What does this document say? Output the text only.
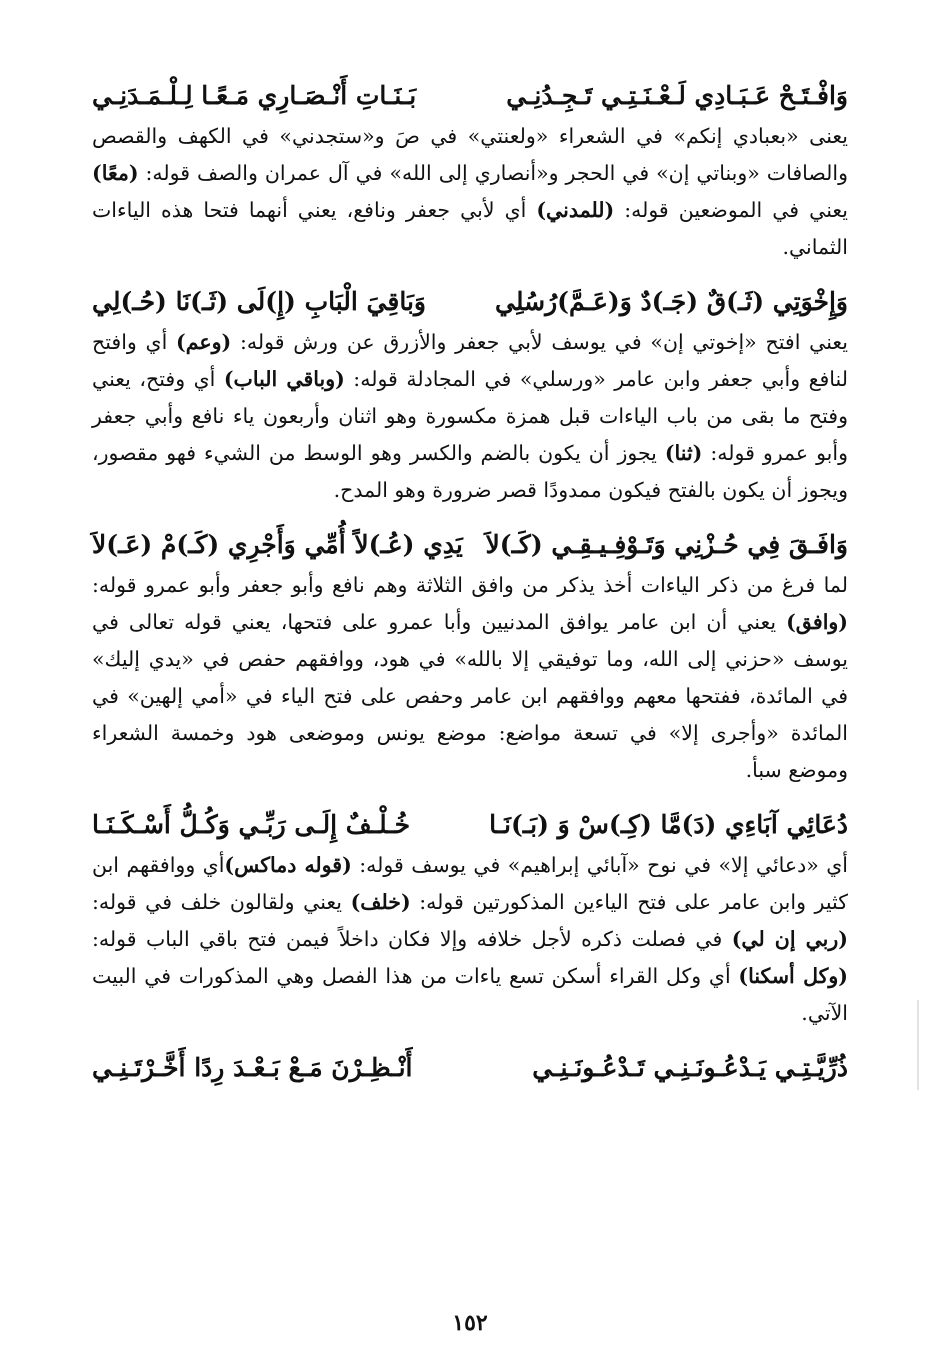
وَافْـتَـحْ عَـبَـادِي لَـعْـنَـتِـي تَـجِـدُنِـي
بَـنَـاتِ أَنْـصَـارِي مَـعًـا لِـلْـمَـدَنِـي

يعنى «بعبادي إنكم» في الشعراء «ولعنتي» في صَ و«ستجدني» في الكهف والقصص والصافات «وبناتي إن» في الحجر و«أنصاري إلى الله» في آل عمران والصف قوله: (معًا) يعني في الموضعين قوله: (للمدني) أي لأبي جعفر ونافع، يعني أنهما فتحا هذه الياءات الثماني.

وَإِخْوَتِي (ثَـ)قٌ (جَـ)دٌ وَ(عَـمَّ)رُسُلِي
وَبَاقِيَ الْبَابِ (إِ)لَى (ثَـ)نَا (حُـ)لِي

يعني افتح «إخوتي إن» في يوسف لأبي جعفر والأزرق عن ورش قوله: (وعم) أي وافتح لنافع وأبي جعفر وابن عامر «ورسلي» في المجادلة قوله: (وباقي الباب) أي وفتح، يعني وفتح ما بقى من باب الياءات قبل همزة مكسورة وهو اثنان وأربعون ياء نافع وأبي جعفر وأبو عمرو قوله: (ثنا) يجوز أن يكون بالضم والكسر وهو الوسط من الشيء فهو مقصور، ويجوز أن يكون بالفتح فيكون ممدودًا قصر ضرورة وهو المدح.

وَافَـقَ فِي حُـزْنِي وَتَـوْفِـيـقِـي (كَـ)لاَ
يَدِي (عُـ)لاً أُمِّي وَأَجْرِي (كَـ)مْ (عَـ)لاَ

لما فرغ من ذكر الياءات أخذ يذكر من وافق الثلاثة وهم نافع وأبو جعفر وأبو عمرو قوله: (وافق) يعني أن ابن عامر يوافق المدنيين وأبا عمرو على فتحها، يعني قوله تعالى في يوسف «حزني إلى الله، وما توفيقي إلا بالله» في هود، ووافقهم حفص في «يدي إليك» في المائدة، ففتحها معهم ووافقهم ابن عامر وحفص على فتح الياء في «أمي إلهين» في المائدة «وأجرى إلا» في تسعة مواضع: موضع يونس وموضعى هود وخمسة الشعراء وموضع سبأ.

دُعَائِي آبَاءِي (دَ)مَّا (كِـ)سْ وَ (بَـ)نَـا
خُـلْـفٌ إِلَـى رَبِّـي وَكُـلُّ أَسْـكَـنَـا

أي «دعائي إلا» في نوح «آبائي إبراهيم» في يوسف قوله: (قوله دماكس)أي ووافقهم ابن كثير وابن عامر على فتح الياءين المذكورتين قوله: (خلف) يعني ولقالون خلف في قوله: (ربي إن لي) في فصلت ذكره لأجل خلافه وإلا فكان داخلاً فيمن فتح باقي الباب قوله: (وكل أسكنا) أي وكل القراء أسكن تسع ياءات من هذا الفصل وهي المذكورات في البيت الآتي.

ذُرِّيَّـتِـي يَـدْعُـونَـنِـي تَـدْعُـونَـنِـي
أَنْـظِـرْنَ مَـعْ بَـعْـدَ رِدًا أَخَّـرْتَـنِـي
١٥٢
